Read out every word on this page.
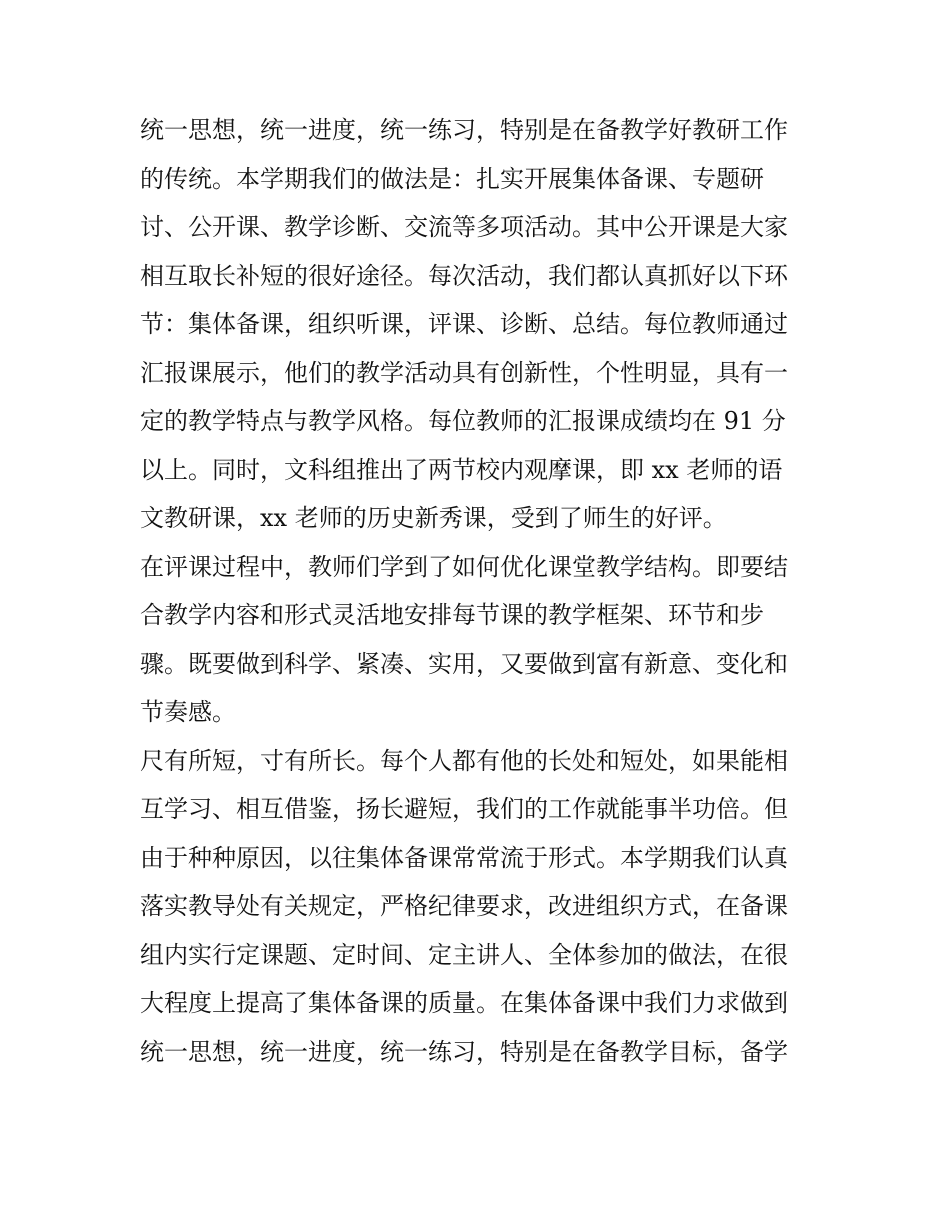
统一思想，统一进度，统一练习，特别是在备教学好教研工作
的传统。本学期我们的做法是：扎实开展集体备课、专题研
讨、公开课、教学诊断、交流等多项活动。其中公开课是大家
相互取长补短的很好途径。每次活动，我们都认真抓好以下环
节：集体备课，组织听课，评课、诊断、总结。每位教师通过
汇报课展示，他们的教学活动具有创新性，个性明显，具有一
定的教学特点与教学风格。每位教师的汇报课成绩均在 91 分
以上。同时，文科组推出了两节校内观摩课，即 xx 老师的语
文教研课，xx 老师的历史新秀课，受到了师生的好评。
在评课过程中，教师们学到了如何优化课堂教学结构。即要结
合教学内容和形式灵活地安排每节课的教学框架、环节和步
骤。既要做到科学、紧凑、实用，又要做到富有新意、变化和
节奏感。
尺有所短，寸有所长。每个人都有他的长处和短处，如果能相
互学习、相互借鉴，扬长避短，我们的工作就能事半功倍。但
由于种种原因，以往集体备课常常流于形式。本学期我们认真
落实教导处有关规定，严格纪律要求，改进组织方式，在备课
组内实行定课题、定时间、定主讲人、全体参加的做法，在很
大程度上提高了集体备课的质量。在集体备课中我们力求做到
统一思想，统一进度，统一练习，特别是在备教学目标，备学
